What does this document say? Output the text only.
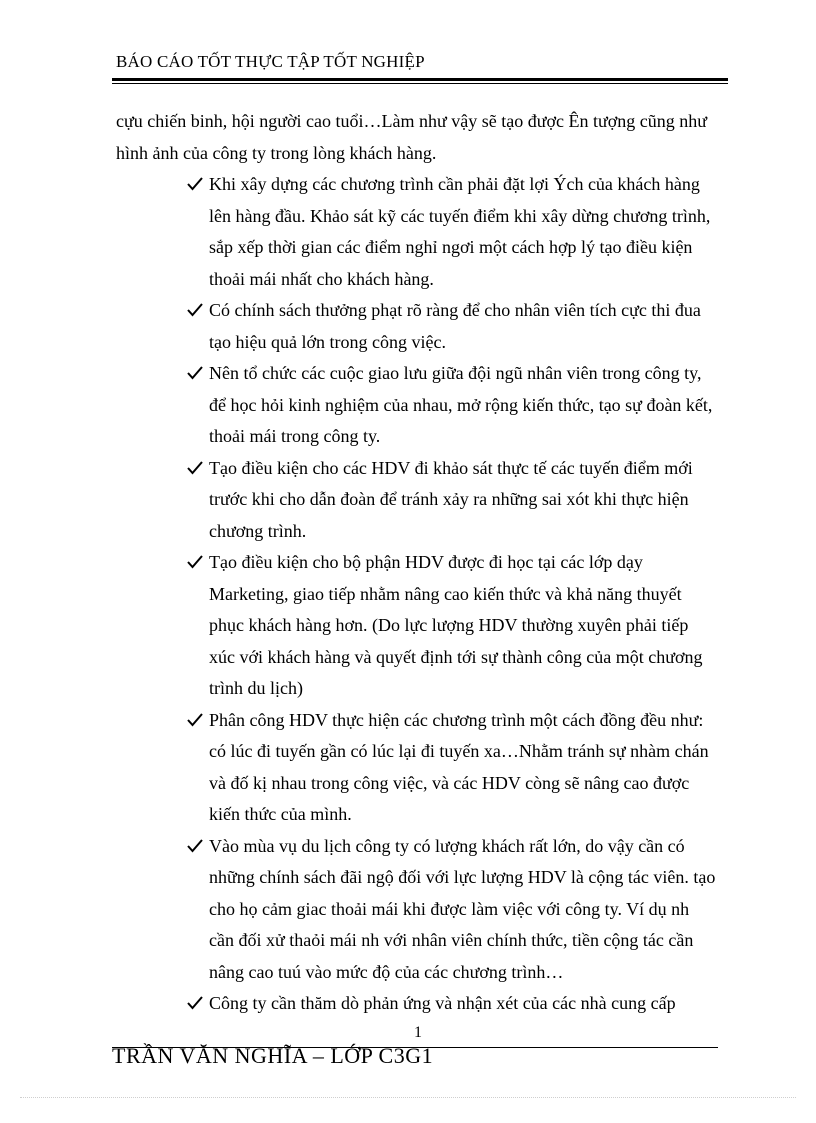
BÁO CÁO TỐT THỰC TẬP TỐT NGHIỆP

cựu chiến binh, hội người cao tuổi…Làm như vậy sẽ tạo được Ên tượng cũng như hình ảnh của công ty trong lòng khách hàng.

Khi xây dựng các chương trình cần phải đặt lợi Ých của khách hàng lên hàng đầu. Khảo sát kỹ các tuyến điểm khi xây dừng chương trình, sắp xếp thời gian các điểm nghỉ ngơi một cách hợp lý tạo điều kiện thoải mái nhất cho khách hàng.
Có chính sách thưởng phạt rõ ràng để cho nhân viên tích cực thi đua tạo hiệu quả lớn trong công việc.
Nên tổ chức các cuộc giao lưu giữa đội ngũ nhân viên trong công ty, để học hỏi kinh nghiệm của nhau, mở rộng kiến thức, tạo sự đoàn kết, thoải mái trong công ty.
Tạo điều kiện cho các HDV đi khảo sát thực tế các tuyến điểm mới trước khi cho dẫn đoàn để tránh xảy ra những sai xót khi thực hiện chương trình.
Tạo điều kiện cho bộ phận HDV được đi học tại các lớp dạy Marketing, giao tiếp nhằm nâng cao kiến thức và khả năng thuyết phục khách hàng hơn. (Do lực lượng HDV thường xuyên phải tiếp xúc với khách hàng và quyết định tới sự thành công của một chương trình du lịch)
Phân công HDV thực hiện các chương trình một cách đồng đều như: có lúc đi tuyến gần có lúc lại đi tuyến xa…Nhằm tránh sự nhàm chán và đố kị nhau trong công việc, và các HDV còng sẽ nâng cao được kiến thức của mình.
Vào mùa vụ du lịch công ty có lượng khách rất lớn, do vậy cần có những chính sách đãi ngộ đối với lực lượng HDV là cộng tác viên. tạo cho họ cảm giac thoải mái khi được làm việc với công ty. Ví dụ nh cần đối xử thaỏi mái nh với nhân viên chính thức, tiền cộng tác cần nâng cao tuú vào mức độ của các chương trình…
Công ty cần thăm dò phản ứng và nhận xét của các nhà cung cấp
1
TRẦN VĂN NGHĨA – LỚP C3G1
